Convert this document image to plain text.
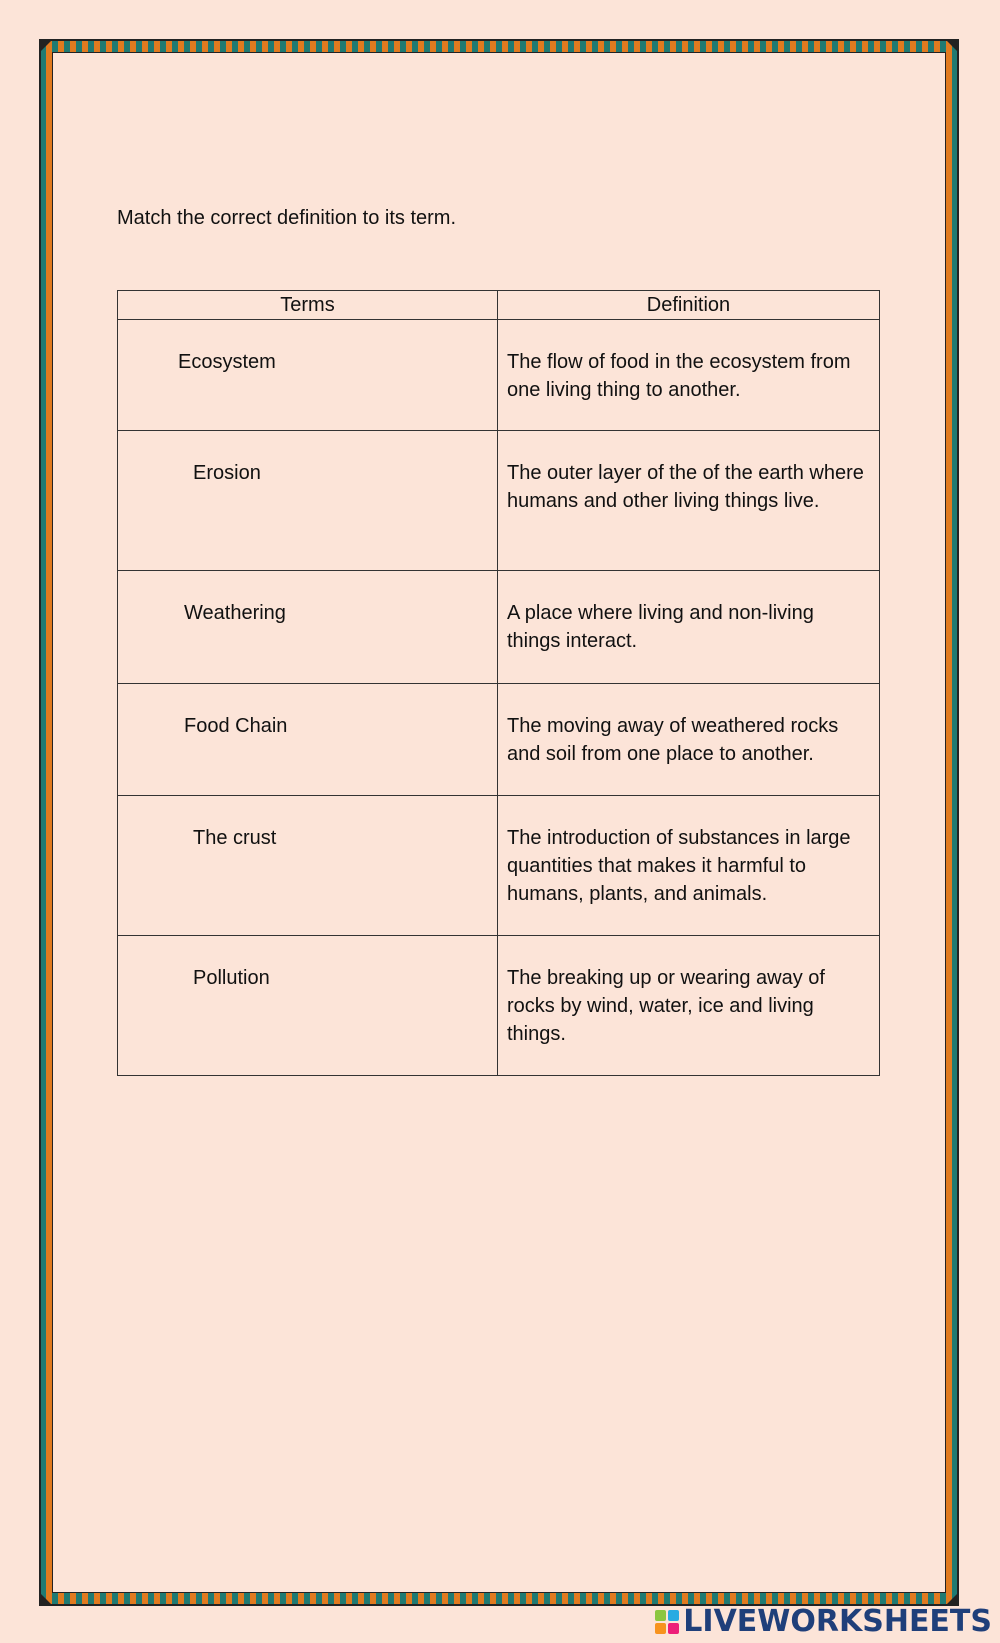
Match the correct definition to its term.
Terms	Definition
Ecosystem	The flow of food in the ecosystem from one living thing to another.
Erosion	The outer layer of the of the earth where humans and other living things live.
Weathering	A place where living and non-living things interact.
Food Chain	The moving away of weathered rocks and soil from one place to another.
The crust	The introduction of substances in large quantities that makes it harmful to humans, plants, and animals.
Pollution	The breaking up or wearing away of rocks by wind, water, ice and living things.
LIVEWORKSHEETS
